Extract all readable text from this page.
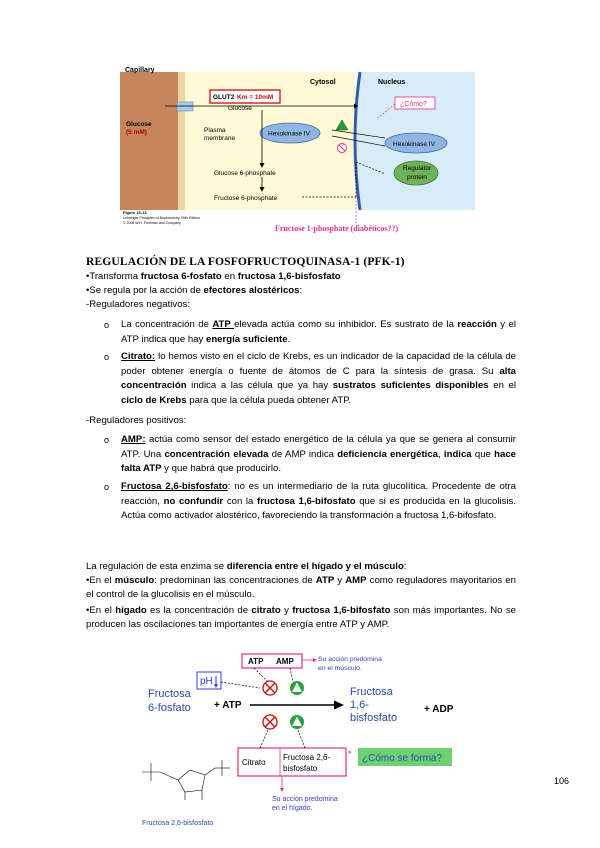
Capillary
Glucose
(5 mM)
Cytosol	Nucleus
GLUT2 Km = 10mM
Glucose
Plasma
membrane
Hexokinase IV
Hexokinase IV
Regulator
protein
¿Cómo?
Glucose 6-phosphate
Fructose 6-phosphate
Figure 15-13
Lehninger Principles of Biochemistry, Fifth Edition
© 2008 W.H. Freeman and Company
Fructose 1-phosphate (diabéticos??)
REGULACIÓN DE LA FOSFOFRUCTOQUINASA-1 (PFK-1)
•Transforma fructosa 6-fosfato en fructosa 1,6-bisfosfato
•Se regula por la acción de efectores alostéricos:
-Reguladores negativos:
o La concentración de ATP elevada actúa como su inhibidor. Es sustrato de la reacción y el ATP indica que hay energía suficiente.
o Citrato: lo hemos visto en el ciclo de Krebs, es un indicador de la capacidad de la célula de poder obtener energía o fuente de átomos de C para la síntesis de grasa. Su alta concentración indica a las célula que ya hay sustratos suficientes disponibles en el ciclo de Krebs para que la célula pueda obtener ATP.
-Reguladores positivos:
o AMP: actúa como sensor del estado energético de la célula ya que se genera al consumir ATP. Una concentración elevada de AMP indica deficiencia energética, indica que hace falta ATP y que habrá que producirlo.
o Fructosa 2,6-bisfosfato: no es un intermediario de la ruta glucolítica. Procedente de otra reacción, no confundir con la fructosa 1,6-bifosfato que si es producida en la glucolisis. Actúa como activador alostérico, favoreciendo la transformación a fructosa 1,6-bifosfato.
La regulación de esta enzima se diferencia entre el hígado y el músculo:
•En el músculo: predominan las concentraciones de ATP y AMP como reguladores mayoritarios en el control de la glucolisis en el músculo.
•En el hígado es la concentración de citrato y fructosa 1,6-bifosfato son más importantes. No se producen las oscilaciones tan importantes de energía entre ATP y AMP.
ATP AMP	Su acción predomina
en el músculo.
pH
Fructosa
6-fosfato + ATP
Fructosa
1,6-
bisfosfato
+ ADP
Citrato
Fructosa 2,6-
bisfosfato
* ¿Cómo se forma?
Su acción predomina
en el hígado.
Fructosa 2,6-bisfosfato
106
